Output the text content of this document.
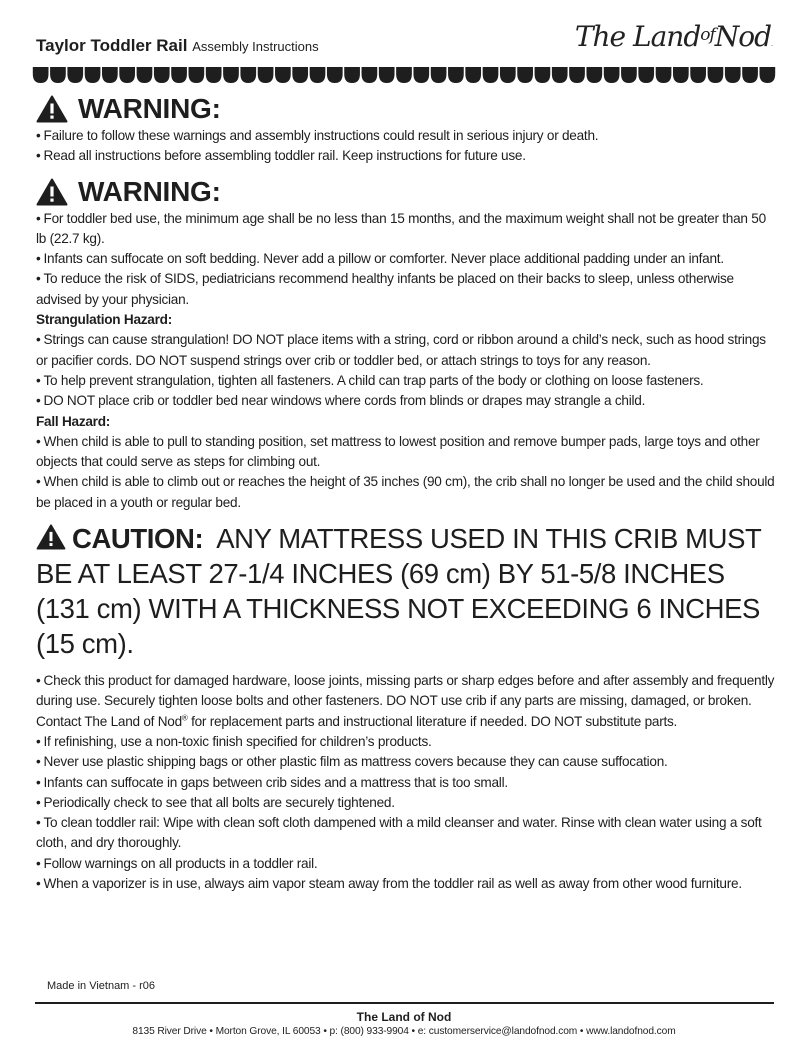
Taylor Toddler Rail Assembly Instructions	The Land$^{of}$Nod.
WARNING:

• Failure to follow these warnings and assembly instructions could result in serious injury or death.

• Read all instructions before assembling toddler rail. Keep instructions for future use.

WARNING:

• For toddler bed use, the minimum age shall be no less than 15 months, and the maximum weight shall not be greater than 50 lb (22.7 kg).

• Infants can suffocate on soft bedding. Never add a pillow or comforter. Never place additional padding under an infant.

• To reduce the risk of SIDS, pediatricians recommend healthy infants be placed on their backs to sleep, unless otherwise advised by your physician.

Strangulation Hazard:

• Strings can cause strangulation! DO NOT place items with a string, cord or ribbon around a child’s neck, such as hood strings or pacifier cords. DO NOT suspend strings over crib or toddler bed, or attach strings to toys for any reason.

• To help prevent strangulation, tighten all fasteners. A child can trap parts of the body or clothing on loose fasteners.

• DO NOT place crib or toddler bed near windows where cords from blinds or drapes may strangle a child.

Fall Hazard:

• When child is able to pull to standing position, set mattress to lowest position and remove bumper pads, large toys and other objects that could serve as steps for climbing out.

• When child is able to climb out or reaches the height of 35 inches (90 cm), the crib shall no longer be used and the child should be placed in a youth or regular bed.

CAUTION: ANY MATTRESS USED IN THIS CRIB MUST BE AT LEAST 27-1/4 INCHES (69 cm) BY 51-5/8 INCHES (131 cm) WITH A THICKNESS NOT EXCEEDING 6 INCHES (15 cm).

• Check this product for damaged hardware, loose joints, missing parts or sharp edges before and after assembly and frequently during use. Securely tighten loose bolts and other fasteners. DO NOT use crib if any parts are missing, damaged, or broken. Contact The Land of Nod® for replacement parts and instructional literature if needed. DO NOT substitute parts.

• If refinishing, use a non-toxic finish specified for children’s products.

• Never use plastic shipping bags or other plastic film as mattress covers because they can cause suffocation.

• Infants can suffocate in gaps between crib sides and a mattress that is too small.

• Periodically check to see that all bolts are securely tightened.

• To clean toddler rail: Wipe with clean soft cloth dampened with a mild cleanser and water. Rinse with clean water using a soft cloth, and dry thoroughly.

• Follow warnings on all products in a toddler rail.

• When a vaporizer is in use, always aim vapor steam away from the toddler rail as well as away from other wood furniture.

Made in Vietnam - r06
The Land of Nod
8135 River Drive • Morton Grove, IL 60053 • p: (800) 933-9904 • e: customerservice@landofnod.com • www.landofnod.com
